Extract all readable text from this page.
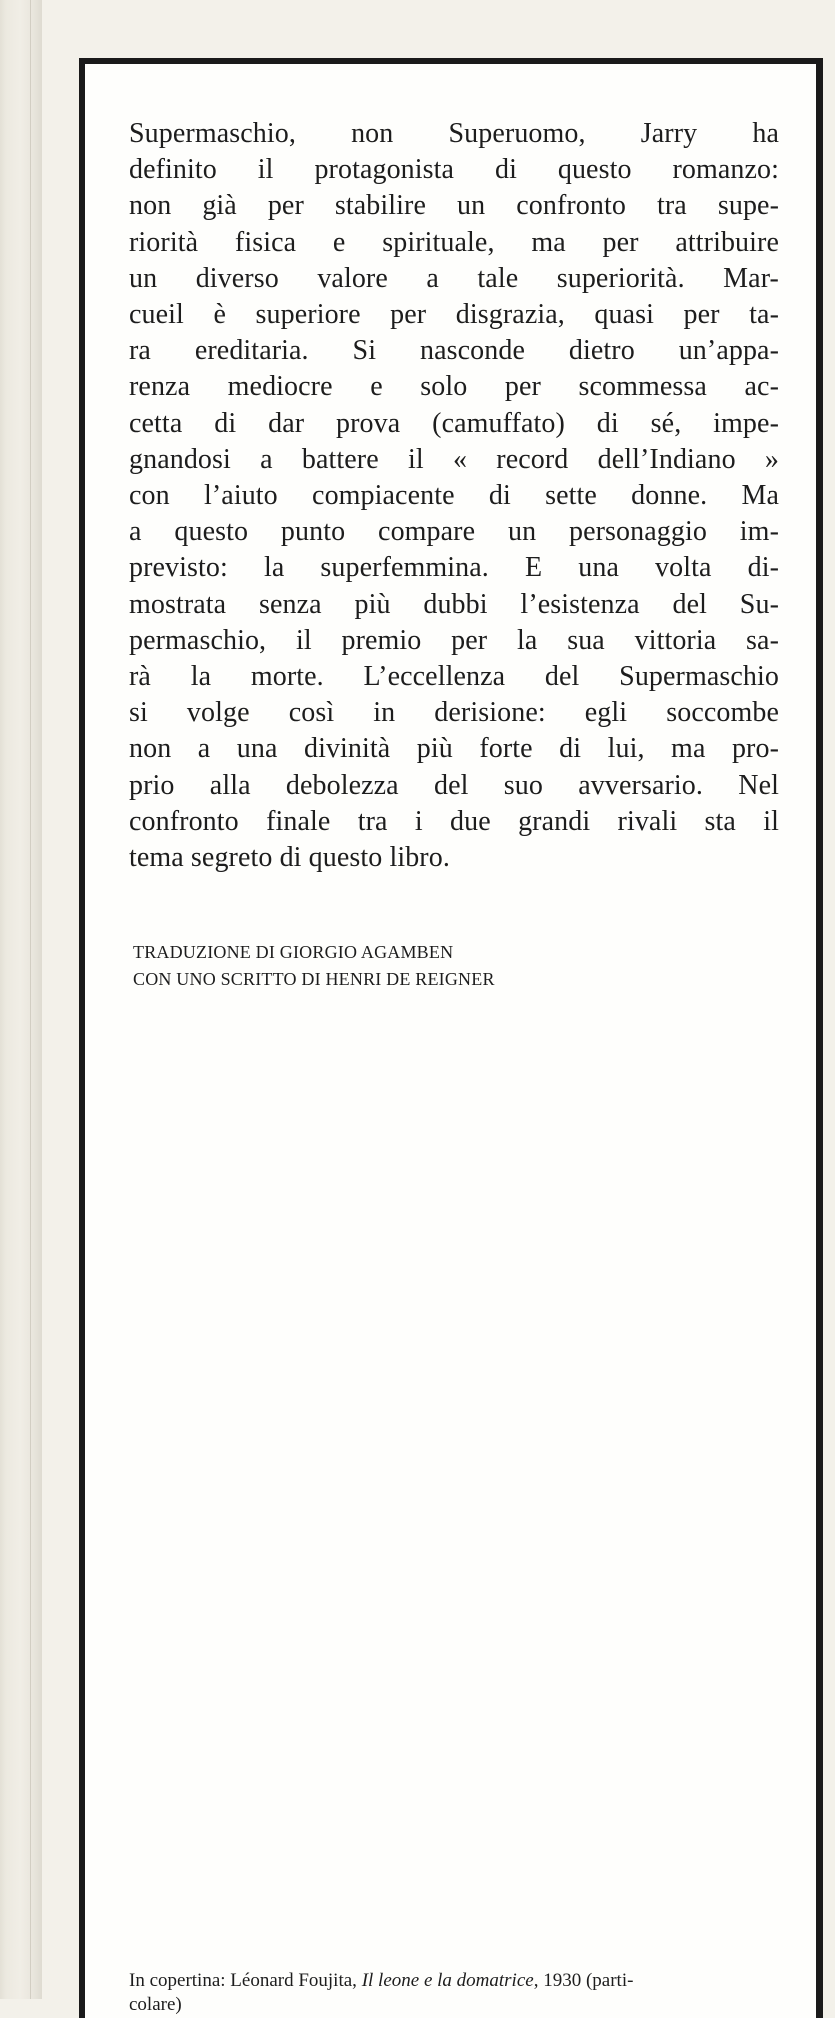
Supermaschio, non Superuomo, Jarry ha
definito il protagonista di questo romanzo:
non già per stabilire un confronto tra supe-
riorità fisica e spirituale, ma per attribuire
un diverso valore a tale superiorità. Mar-
cueil è superiore per disgrazia, quasi per ta-
ra ereditaria. Si nasconde dietro un’appa-
renza mediocre e solo per scommessa ac-
cetta di dar prova (camuffato) di sé, impe-
gnandosi a battere il « record dell’Indiano »
con l’aiuto compiacente di sette donne. Ma
a questo punto compare un personaggio im-
previsto: la superfemmina. E una volta di-
mostrata senza più dubbi l’esistenza del Su-
permaschio, il premio per la sua vittoria sa-
rà la morte. L’eccellenza del Supermaschio
si volge così in derisione: egli soccombe
non a una divinità più forte di lui, ma pro-
prio alla debolezza del suo avversario. Nel
confronto finale tra i due grandi rivali sta il
tema segreto di questo libro.

TRADUZIONE DI GIORGIO AGAMBEN
CON UNO SCRITTO DI HENRI DE REIGNER
In copertina: Léonard Foujita, Il leone e la domatrice, 1930 (parti-
colare)
